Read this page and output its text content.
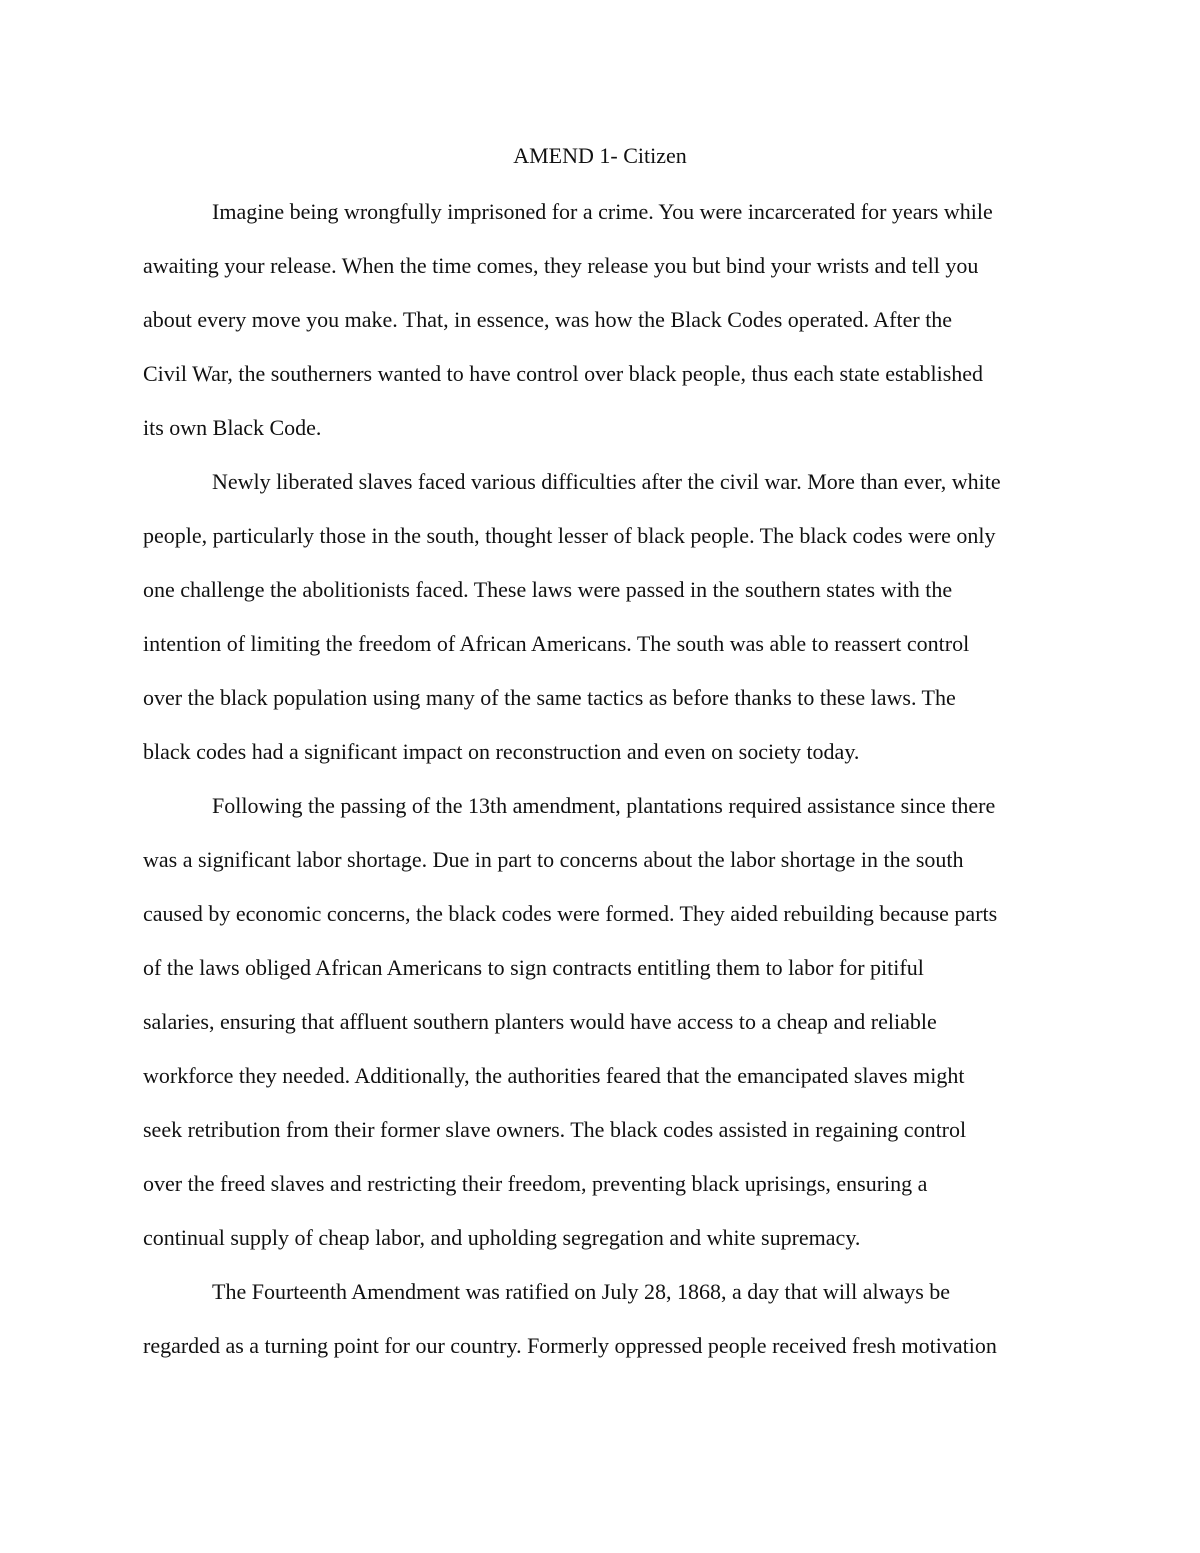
AMEND 1- Citizen

Imagine being wrongfully imprisoned for a crime. You were incarcerated for years while

awaiting your release. When the time comes, they release you but bind your wrists and tell you

about every move you make. That, in essence, was how the Black Codes operated. After the

Civil War, the southerners wanted to have control over black people, thus each state established

its own Black Code.

Newly liberated slaves faced various difficulties after the civil war. More than ever, white

people, particularly those in the south, thought lesser of black people. The black codes were only

one challenge the abolitionists faced. These laws were passed in the southern states with the

intention of limiting the freedom of African Americans. The south was able to reassert control

over the black population using many of the same tactics as before thanks to these laws. The

black codes had a significant impact on reconstruction and even on society today.

Following the passing of the 13th amendment, plantations required assistance since there

was a significant labor shortage. Due in part to concerns about the labor shortage in the south

caused by economic concerns, the black codes were formed. They aided rebuilding because parts

of the laws obliged African Americans to sign contracts entitling them to labor for pitiful

salaries, ensuring that affluent southern planters would have access to a cheap and reliable

workforce they needed. Additionally, the authorities feared that the emancipated slaves might

seek retribution from their former slave owners. The black codes assisted in regaining control

over the freed slaves and restricting their freedom, preventing black uprisings, ensuring a

continual supply of cheap labor, and upholding segregation and white supremacy.

The Fourteenth Amendment was ratified on July 28, 1868, a day that will always be

regarded as a turning point for our country. Formerly oppressed people received fresh motivation
